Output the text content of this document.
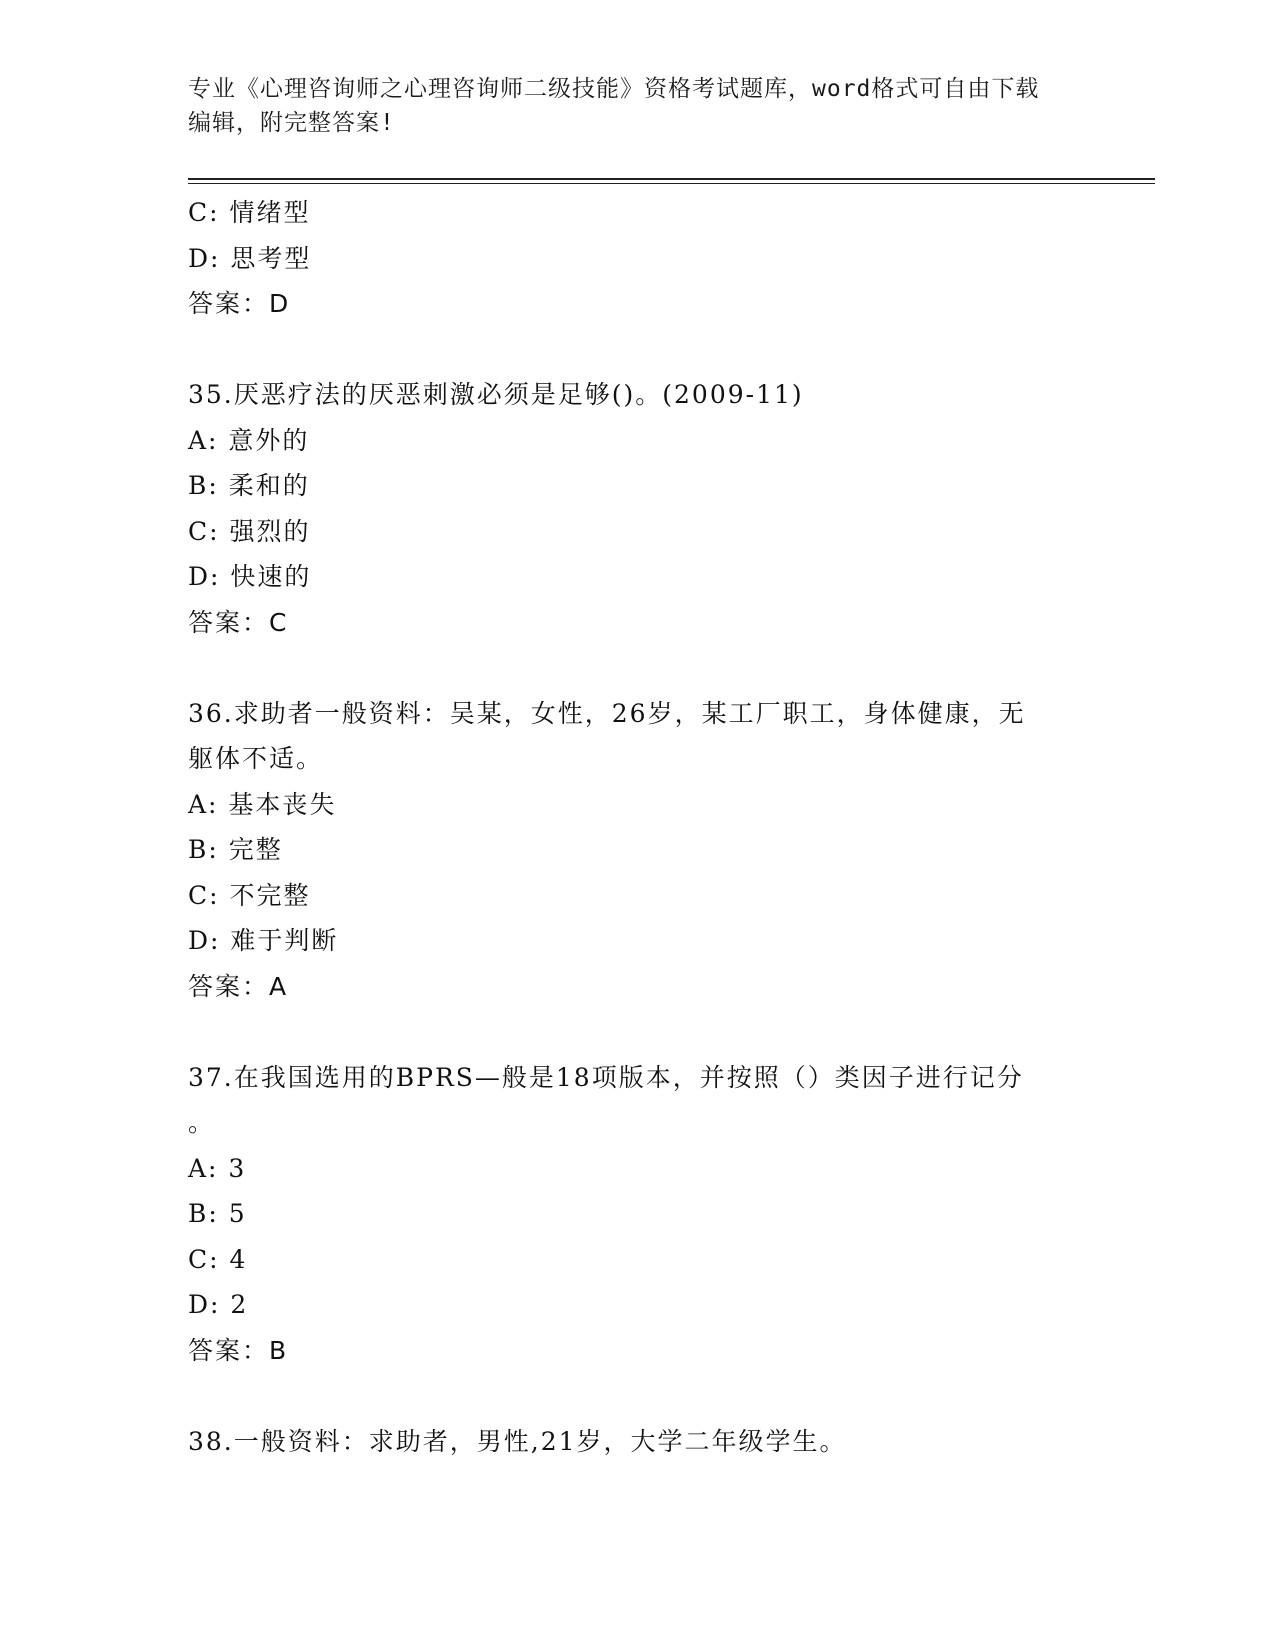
专业《心理咨询师之心理咨询师二级技能》资格考试题库，word格式可自由下载
编辑，附完整答案!
C: 情绪型
D: 思考型
答案：D
35.厌恶疗法的厌恶刺激必须是足够()。(2009-11)
A: 意外的
B: 柔和的
C: 强烈的
D: 快速的
答案：C
36.求助者一般资料：吴某，女性，26岁，某工厂职工，身体健康，无
躯体不适。
A: 基本丧失
B: 完整
C: 不完整
D: 难于判断
答案：A
37.在我国选用的BPRS—般是18项版本，并按照（）类因子进行记分
。
A: 3
B: 5
C: 4
D: 2
答案：B
38.一般资料：求助者，男性,21岁，大学二年级学生。
